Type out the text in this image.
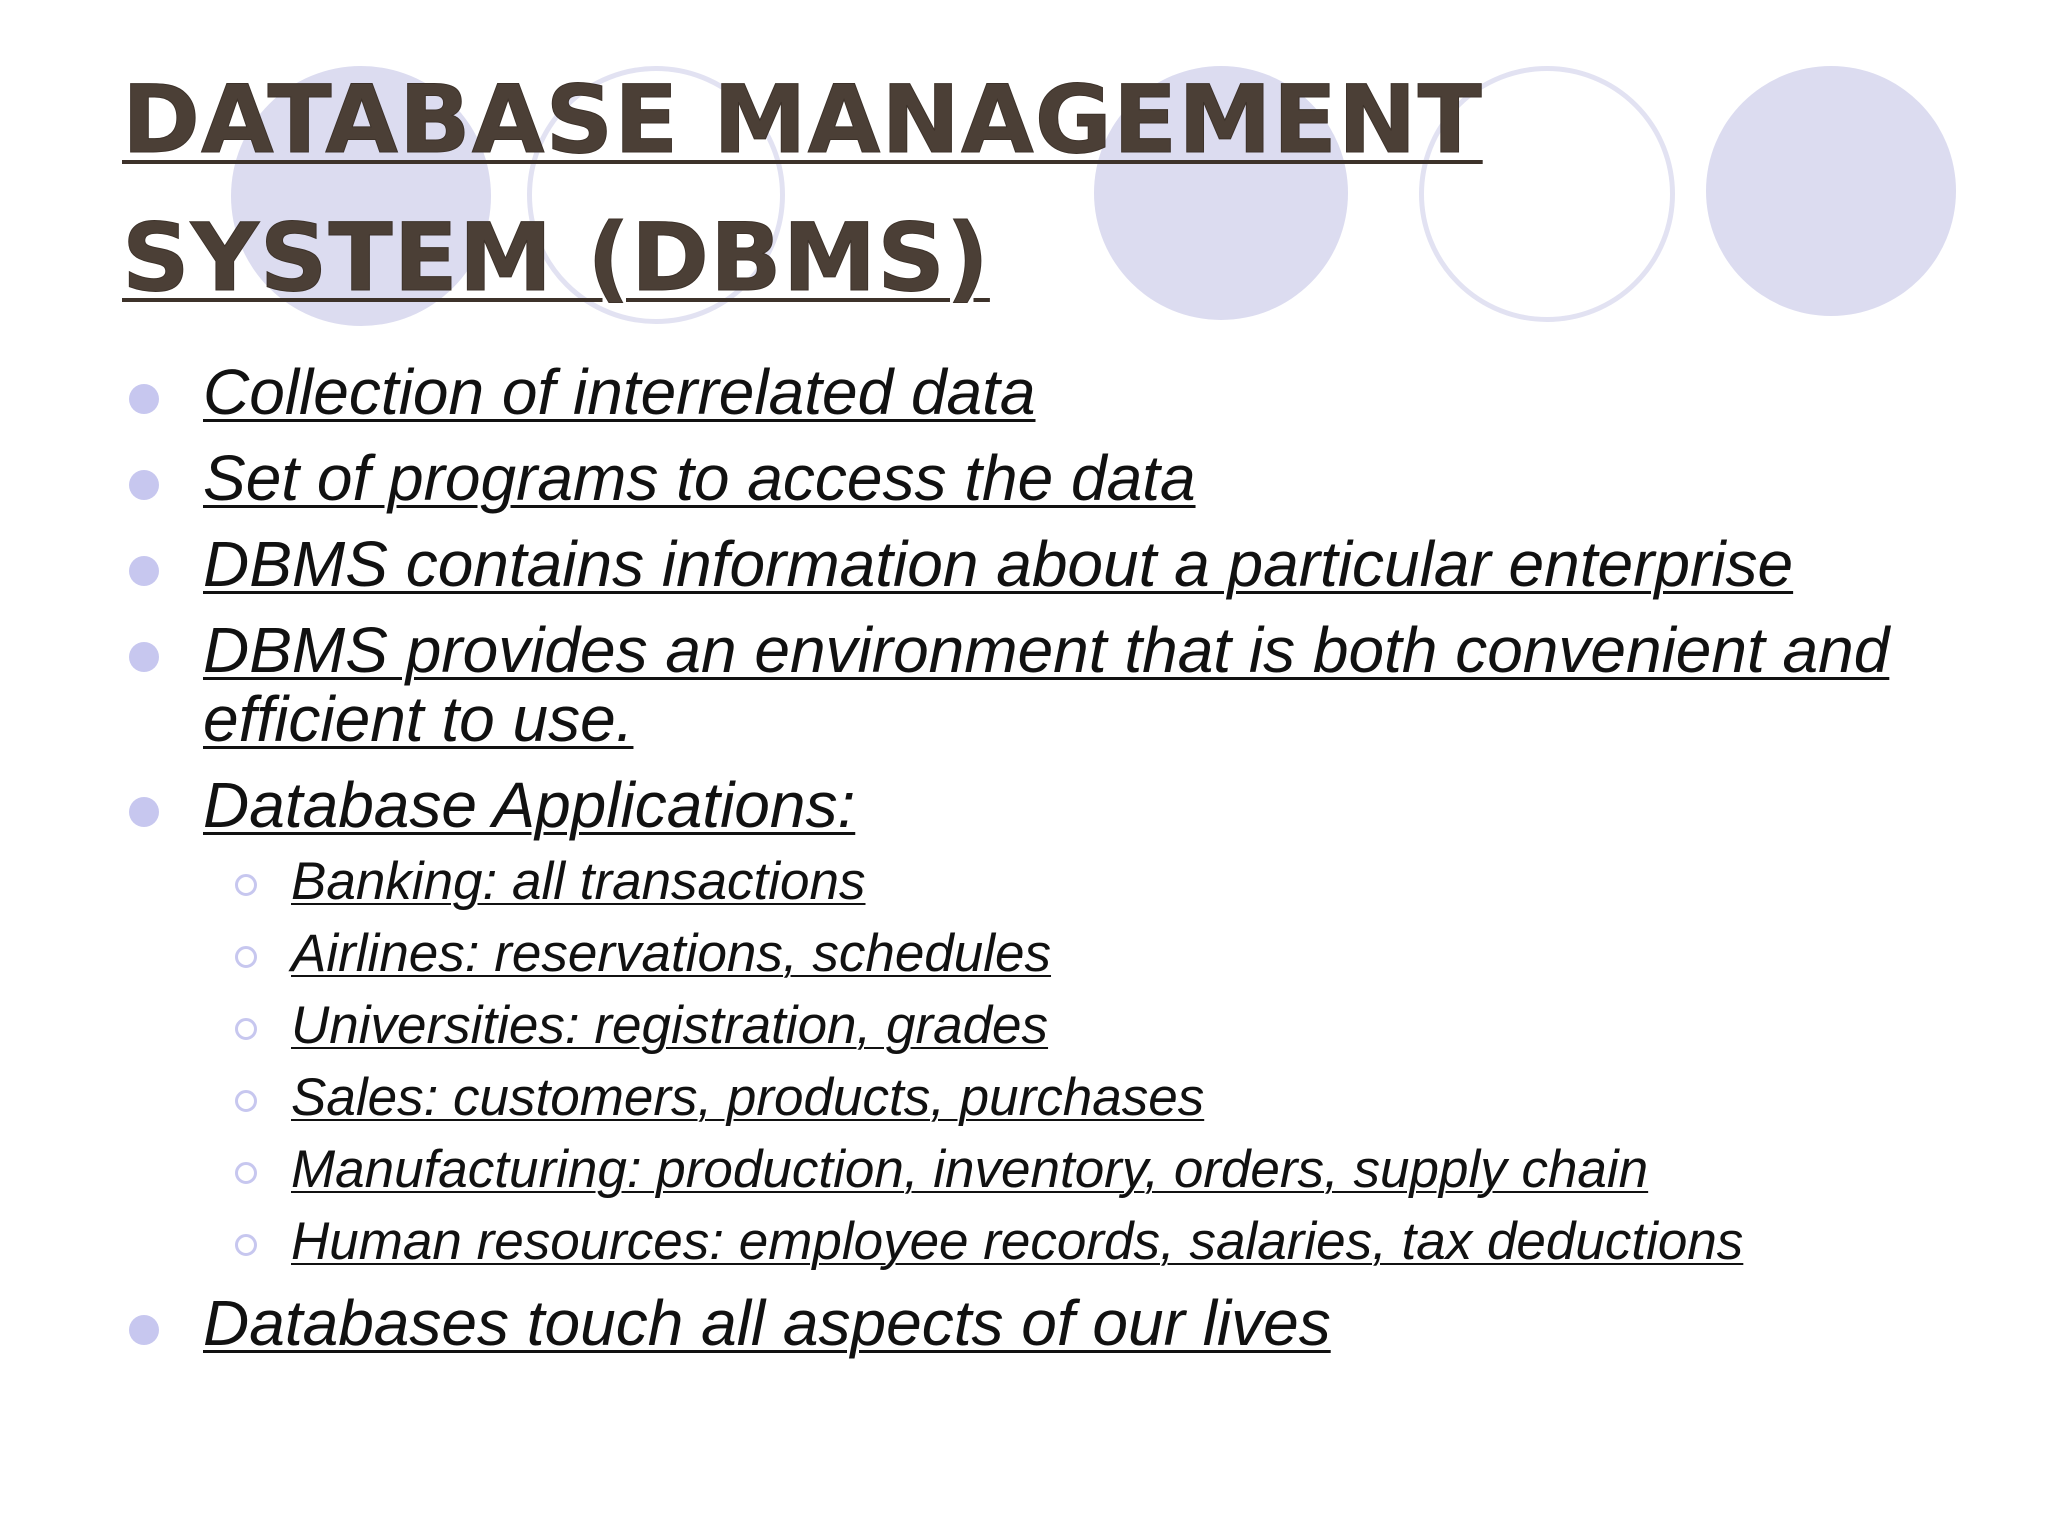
DATABASE MANAGEMENT SYSTEM (DBMS)
Collection of interrelated data
Set of programs to access the data
DBMS contains information about a particular enterprise
DBMS provides an environment that is both convenient and efficient to use.
Database Applications:
Banking: all transactions
Airlines: reservations, schedules
Universities: registration, grades
Sales: customers, products, purchases
Manufacturing: production, inventory, orders, supply chain
Human resources: employee records, salaries, tax deductions
Databases touch all aspects of our lives
